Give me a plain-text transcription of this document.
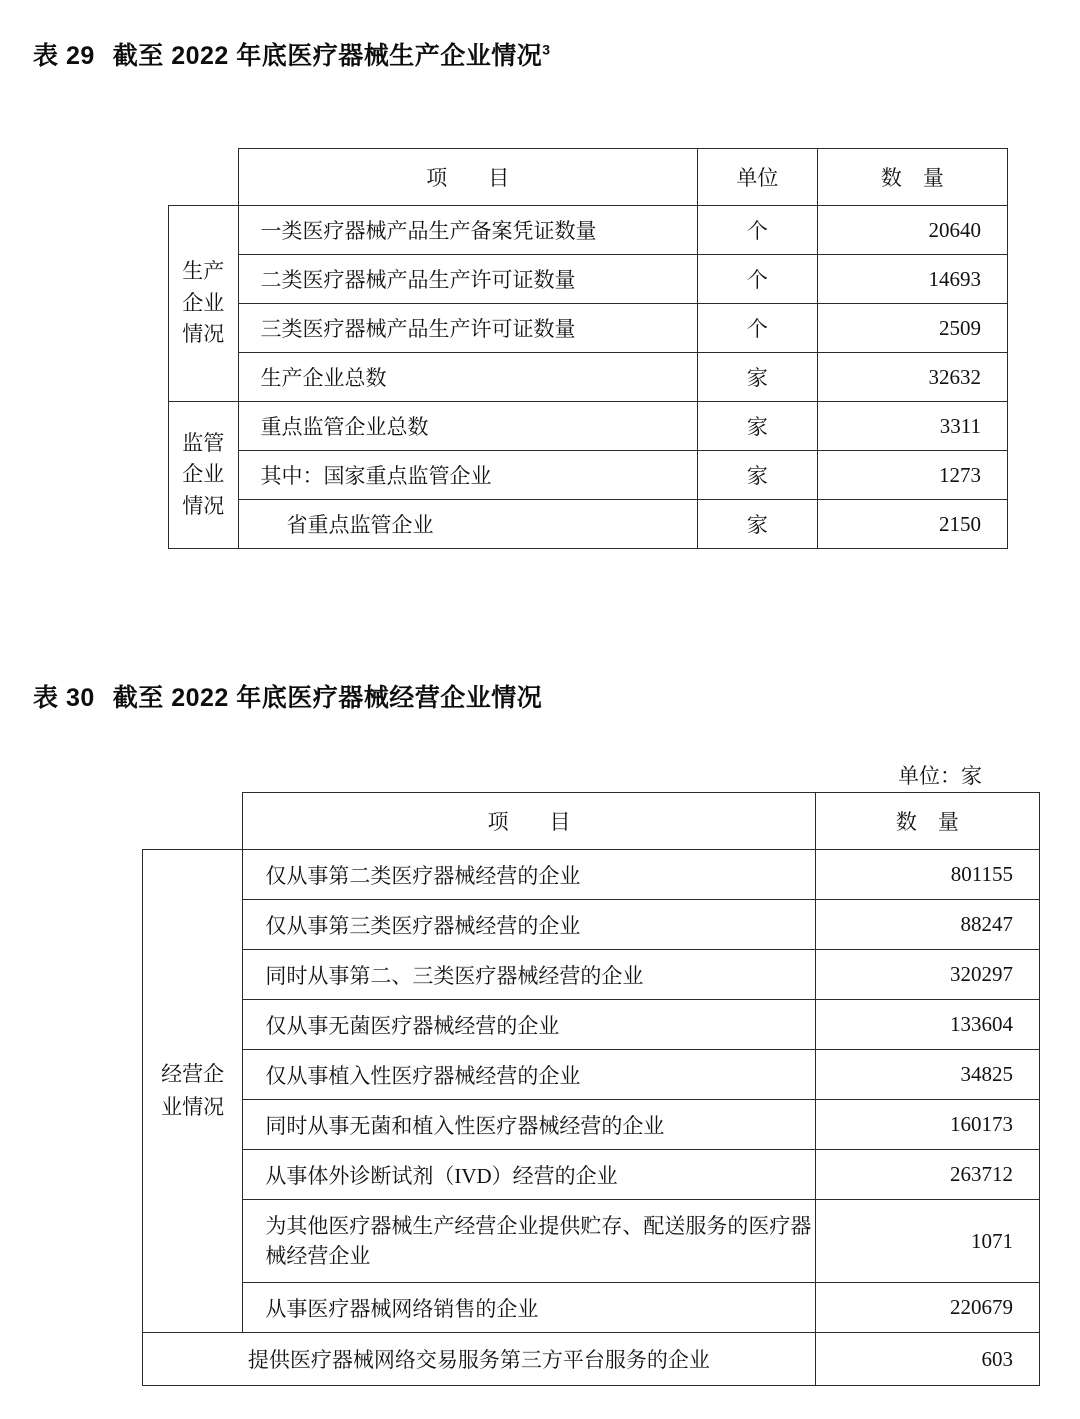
表 29 截至 2022 年底医疗器械生产企业情况$^3$
	项　目	单位	数　量

生产
企业
情况	一类医疗器械产品生产备案凭证数量	个	20640
	二类医疗器械产品生产许可证数量	个	14693
	三类医疗器械产品生产许可证数量	个	2509
	生产企业总数	家	32632

监管
企业
情况	重点监管企业总数	家	3311
	其中：国家重点监管企业	家	1273
	省重点监管企业	家	2150
表 30 截至 2022 年底医疗器械经营企业情况
单位：家
	项　目	数　量

经营企
业情况	仅从事第二类医疗器械经营的企业	801155
	仅从事第三类医疗器械经营的企业	88247
	同时从事第二、三类医疗器械经营的企业	320297
	仅从事无菌医疗器械经营的企业	133604
	仅从事植入性医疗器械经营的企业	34825
	同时从事无菌和植入性医疗器械经营的企业	160173
	从事体外诊断试剂（IVD）经营的企业	263712
	为其他医疗器械生产经营企业提供贮存、配送服务的医疗器械经营企业	1071
	从事医疗器械网络销售的企业	220679
提供医疗器械网络交易服务第三方平台服务的企业		603
